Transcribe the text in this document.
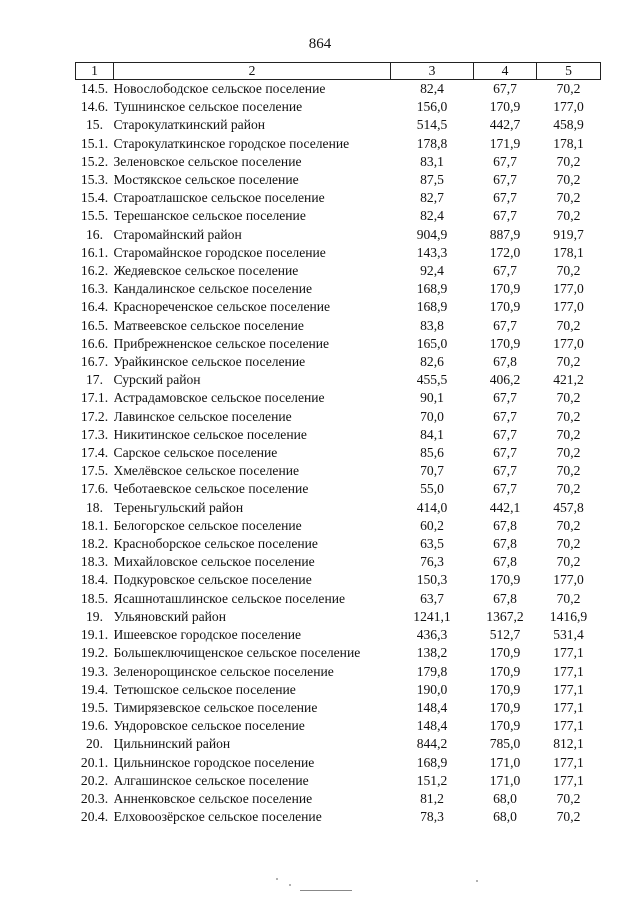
864
1	2	3	4	5
14.5.	Новослободское сельское поселение	82,4	67,7	70,2
14.6.	Тушнинское сельское поселение	156,0	170,9	177,0
15.	Старокулаткинский район	514,5	442,7	458,9
15.1.	Старокулаткинское городское поселение	178,8	171,9	178,1
15.2.	Зеленовское сельское поселение	83,1	67,7	70,2
15.3.	Мостякское сельское поселение	87,5	67,7	70,2
15.4.	Староатлашское сельское поселение	82,7	67,7	70,2
15.5.	Терешанское сельское поселение	82,4	67,7	70,2
16.	Старомайнский район	904,9	887,9	919,7
16.1.	Старомайнское городское поселение	143,3	172,0	178,1
16.2.	Жедяевское сельское поселение	92,4	67,7	70,2
16.3.	Кандалинское сельское поселение	168,9	170,9	177,0
16.4.	Краснореченское сельское поселение	168,9	170,9	177,0
16.5.	Матвеевское сельское поселение	83,8	67,7	70,2
16.6.	Прибрежненское сельское поселение	165,0	170,9	177,0
16.7.	Урайкинское сельское поселение	82,6	67,8	70,2
17.	Сурский район	455,5	406,2	421,2
17.1.	Астрадамовское сельское поселение	90,1	67,7	70,2
17.2.	Лавинское сельское поселение	70,0	67,7	70,2
17.3.	Никитинское сельское поселение	84,1	67,7	70,2
17.4.	Сарское сельское поселение	85,6	67,7	70,2
17.5.	Хмелёвское сельское поселение	70,7	67,7	70,2
17.6.	Чеботаевское сельское поселение	55,0	67,7	70,2
18.	Тереньгульский район	414,0	442,1	457,8
18.1.	Белогорское сельское поселение	60,2	67,8	70,2
18.2.	Красноборское сельское поселение	63,5	67,8	70,2
18.3.	Михайловское сельское поселение	76,3	67,8	70,2
18.4.	Подкуровское сельское поселение	150,3	170,9	177,0
18.5.	Ясашноташлинское сельское поселение	63,7	67,8	70,2
19.	Ульяновский район	1241,1	1367,2	1416,9
19.1.	Ишеевское городское поселение	436,3	512,7	531,4
19.2.	Большеключищенское сельское поселение	138,2	170,9	177,1
19.3.	Зеленорощинское сельское поселение	179,8	170,9	177,1
19.4.	Тетюшское сельское поселение	190,0	170,9	177,1
19.5.	Тимирязевское сельское поселение	148,4	170,9	177,1
19.6.	Ундоровское сельское поселение	148,4	170,9	177,1
20.	Цильнинский район	844,2	785,0	812,1
20.1.	Цильнинское городское поселение	168,9	171,0	177,1
20.2.	Алгашинское сельское поселение	151,2	171,0	177,1
20.3.	Анненковское сельское поселение	81,2	68,0	70,2
20.4.	Елховоозёрское сельское поселение	78,3	68,0	70,2
